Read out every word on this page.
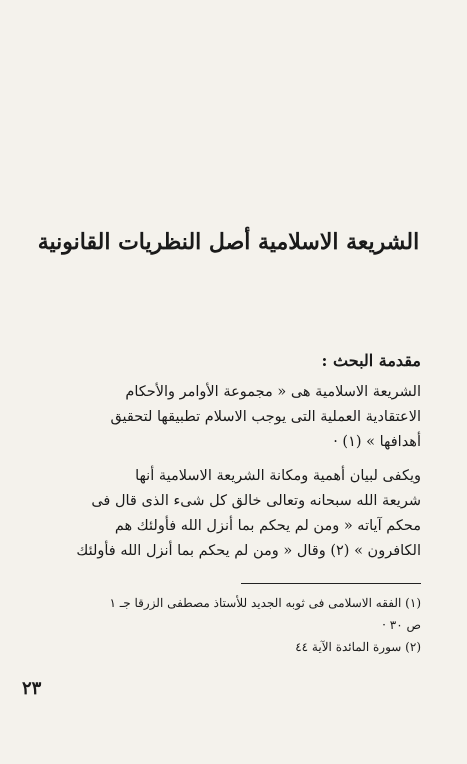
الشريعة الاسلامية أصل النظريات القانونية
مقدمة البحث :
الشريعة الاسلامية هى « مجموعة الأوامر والأحكام
الاعتقادية العملية التى يوجب الاسلام تطبيقها لتحقيق
أهدافها » (١) ·
ويكفى لبيان أهمية ومكانة الشريعة الاسلامية أنها
شريعة الله سبحانه وتعالى خالق كل شىء الذى قال فى
محكم آياته « ومن لم يحكم بما أنزل الله فأولئك هم
الكافرون » (٢) وقال « ومن لم يحكم بما أنزل الله فأولئك
(١) الفقه الاسلامى فى ثوبه الجديد للأستاذ مصطفى الزرقا جـ ١
ص ٣٠ ·
(٢) سورة المائدة الآية ٤٤
٢٣
